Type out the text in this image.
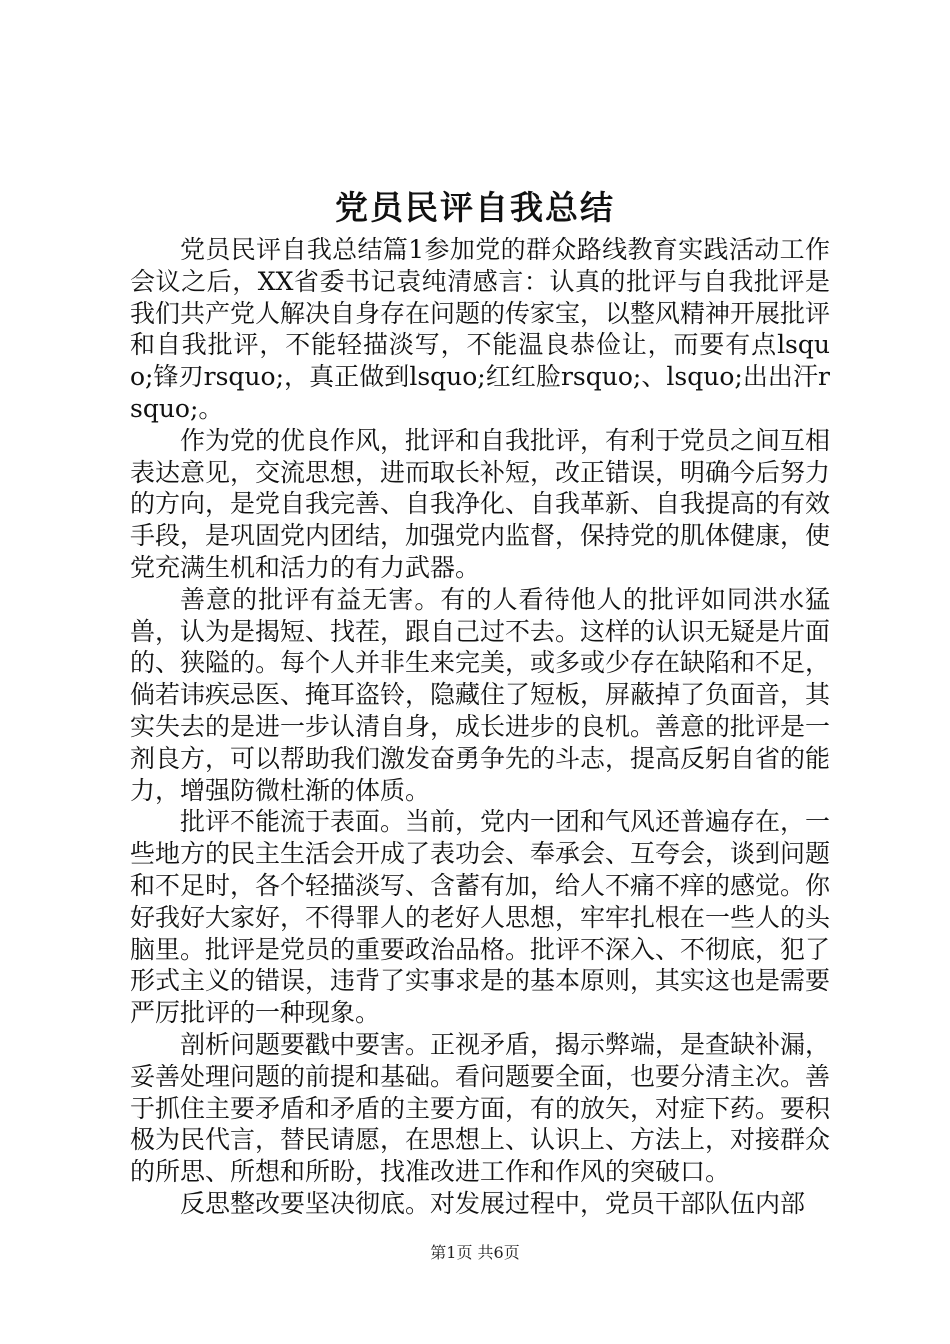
党员民评自我总结

党员民评自我总结篇1参加党的群众路线教育实践活动工作会议之后，XX省委书记袁纯清感言：认真的批评与自我批评是我们共产党人解决自身存在问题的传家宝，以整风精神开展批评和自我批评，不能轻描淡写，不能温良恭俭让，而要有点lsquo;锋刃rsquo;，真正做到lsquo;红红脸rsquo;、lsquo;出出汗rsquo;。

作为党的优良作风，批评和自我批评，有利于党员之间互相表达意见，交流思想，进而取长补短，改正错误，明确今后努力的方向，是党自我完善、自我净化、自我革新、自我提高的有效手段，是巩固党内团结，加强党内监督，保持党的肌体健康，使党充满生机和活力的有力武器。

善意的批评有益无害。有的人看待他人的批评如同洪水猛兽，认为是揭短、找茬，跟自己过不去。这样的认识无疑是片面的、狭隘的。每个人并非生来完美，或多或少存在缺陷和不足，倘若讳疾忌医、掩耳盗铃，隐藏住了短板，屏蔽掉了负面音，其实失去的是进一步认清自身，成长进步的良机。善意的批评是一剂良方，可以帮助我们激发奋勇争先的斗志，提高反躬自省的能力，增强防微杜渐的体质。

批评不能流于表面。当前，党内一团和气风还普遍存在，一些地方的民主生活会开成了表功会、奉承会、互夸会，谈到问题和不足时，各个轻描淡写、含蓄有加，给人不痛不痒的感觉。你好我好大家好，不得罪人的老好人思想，牢牢扎根在一些人的头脑里。批评是党员的重要政治品格。批评不深入、不彻底，犯了形式主义的错误，违背了实事求是的基本原则，其实这也是需要严厉批评的一种现象。

剖析问题要戳中要害。正视矛盾，揭示弊端，是查缺补漏，妥善处理问题的前提和基础。看问题要全面，也要分清主次。善于抓住主要矛盾和矛盾的主要方面，有的放矢，对症下药。要积极为民代言，替民请愿，在思想上、认识上、方法上，对接群众的所思、所想和所盼，找准改进工作和作风的突破口。

反思整改要坚决彻底。对发展过程中，党员干部队伍内部

第1页 共6页
